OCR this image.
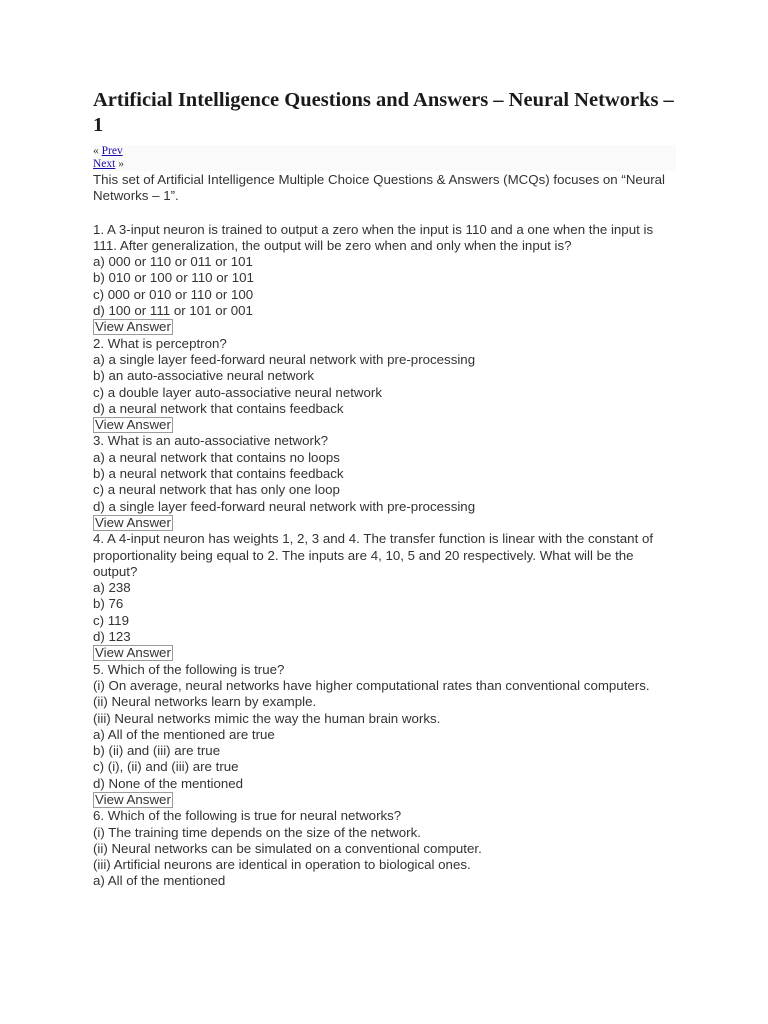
Artificial Intelligence Questions and Answers – Neural Networks – 1
« Prev
Next »
This set of Artificial Intelligence Multiple Choice Questions & Answers (MCQs) focuses on “Neural Networks – 1”.
1. A 3-input neuron is trained to output a zero when the input is 110 and a one when the input is 111. After generalization, the output will be zero when and only when the input is?
a) 000 or 110 or 011 or 101
b) 010 or 100 or 110 or 101
c) 000 or 010 or 110 or 100
d) 100 or 111 or 101 or 001
View Answer
2. What is perceptron?
a) a single layer feed-forward neural network with pre-processing
b) an auto-associative neural network
c) a double layer auto-associative neural network
d) a neural network that contains feedback
View Answer
3. What is an auto-associative network?
a) a neural network that contains no loops
b) a neural network that contains feedback
c) a neural network that has only one loop
d) a single layer feed-forward neural network with pre-processing
View Answer
4. A 4-input neuron has weights 1, 2, 3 and 4. The transfer function is linear with the constant of proportionality being equal to 2. The inputs are 4, 10, 5 and 20 respectively. What will be the output?
a) 238
b) 76
c) 119
d) 123
View Answer
5. Which of the following is true?
(i) On average, neural networks have higher computational rates than conventional computers.
(ii) Neural networks learn by example.
(iii) Neural networks mimic the way the human brain works.
a) All of the mentioned are true
b) (ii) and (iii) are true
c) (i), (ii) and (iii) are true
d) None of the mentioned
View Answer
6. Which of the following is true for neural networks?
(i) The training time depends on the size of the network.
(ii) Neural networks can be simulated on a conventional computer.
(iii) Artificial neurons are identical in operation to biological ones.
a) All of the mentioned
